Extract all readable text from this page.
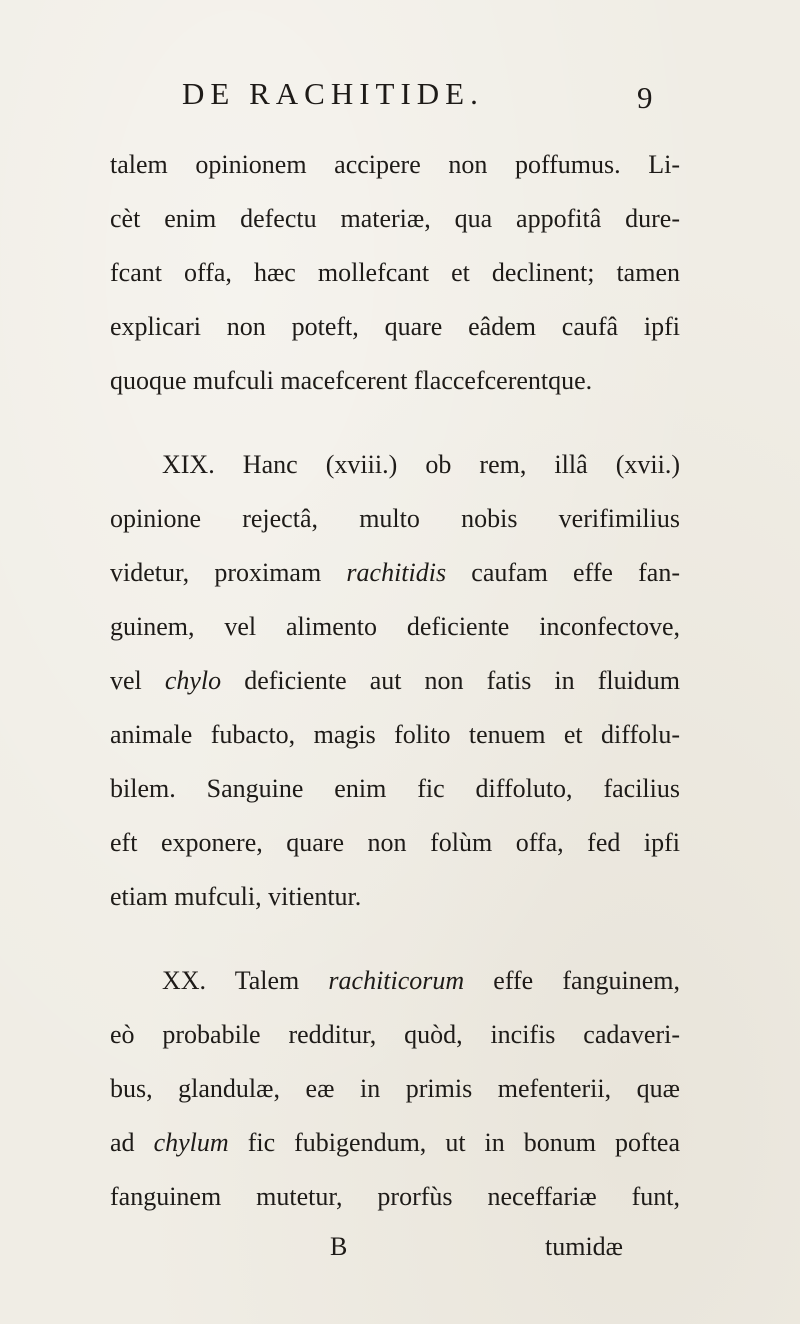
DE RACHITIDE.	9
talem opinionem accipere non poffumus. Li-
cèt enim defectu materiæ, qua appofitâ dure-
fcant offa, hæc mollefcant et declinent; tamen
explicari non poteft, quare eâdem caufâ ipfi
quoque mufculi macefcerent flaccefcerentque.
XIX. Hanc (xviii.) ob rem, illâ (xvii.)
opinione rejectâ, multo nobis verifimilius
videtur, proximam rachitidis caufam effe fan-
guinem, vel alimento deficiente inconfectove,
vel chylo deficiente aut non fatis in fluidum
animale fubacto, magis folito tenuem et diffolu-
bilem. Sanguine enim fic diffoluto, facilius
eft exponere, quare non folùm offa, fed ipfi
etiam mufculi, vitientur.
XX. Talem rachiticorum effe fanguinem,
eò probabile redditur, quòd, incifis cadaveri-
bus, glandulæ, eæ in primis mefenterii, quæ
ad chylum fic fubigendum, ut in bonum poftea
fanguinem mutetur, prorfùs neceffariæ funt,
B	tumidæ
